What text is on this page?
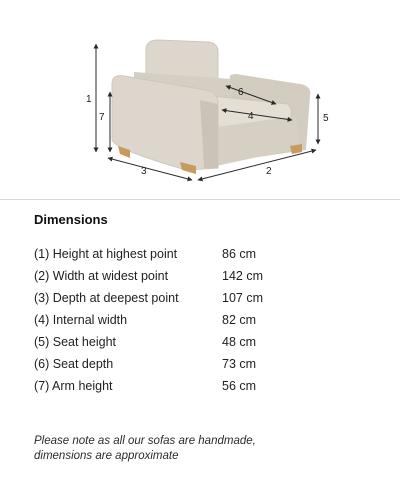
1
7	5
3	2
4
6
Dimensions
(1) Height at highest point	86 cm
(2) Width at widest point	142 cm
(3) Depth at deepest point	107 cm
(4) Internal width	82 cm
(5) Seat height	48 cm
(6) Seat depth	73 cm
(7) Arm height	56 cm
Please note as all our sofas are handmade,
dimensions are approximate
